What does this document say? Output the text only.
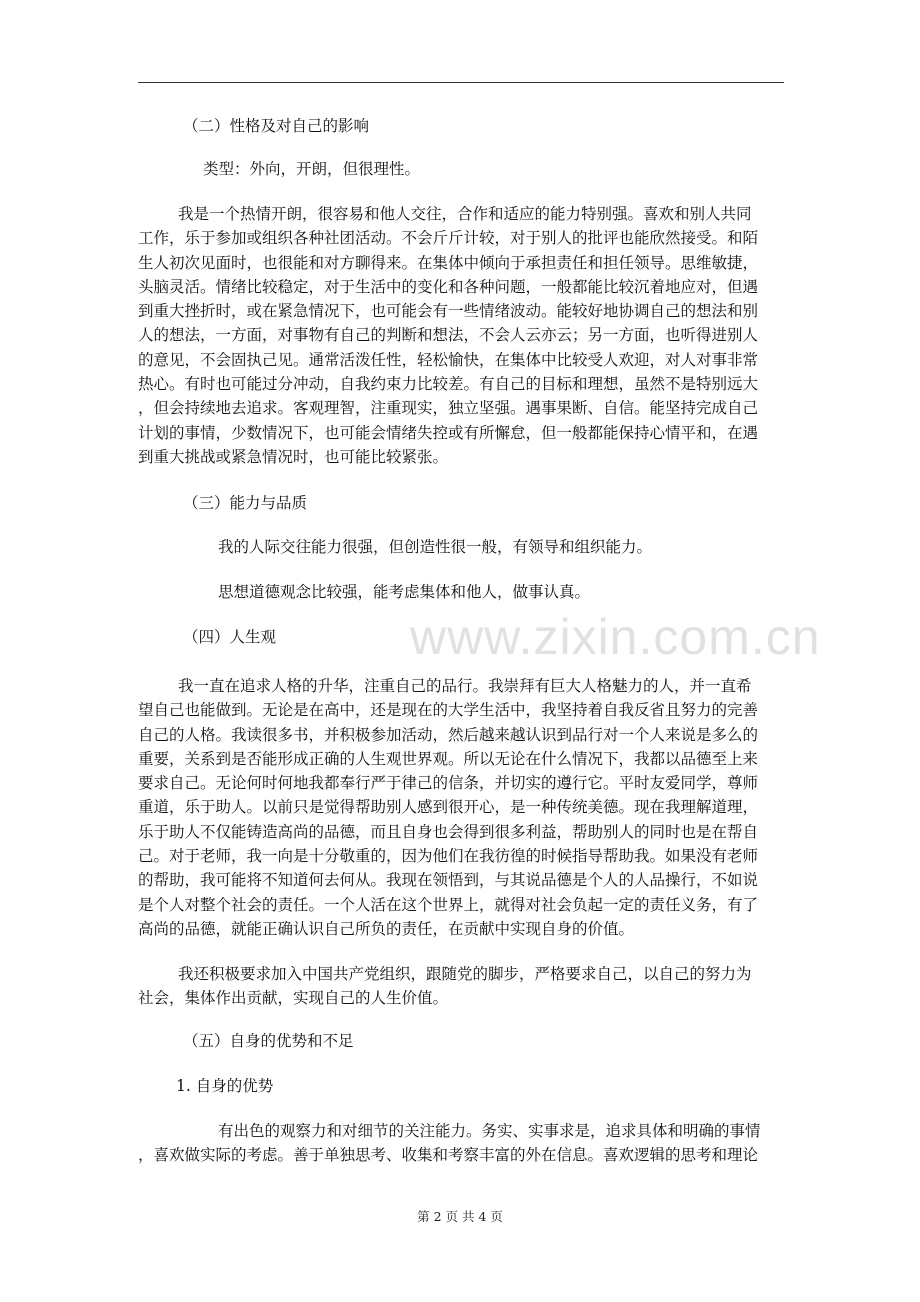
（二）性格及对自己的影响
类型：外向，开朗，但很理性。
我是一个热情开朗，很容易和他人交往，合作和适应的能力特别强。喜欢和别人共同
工作，乐于参加或组织各种社团活动。不会斤斤计较，对于别人的批评也能欣然接受。和陌
生人初次见面时，也很能和对方聊得来。在集体中倾向于承担责任和担任领导。思维敏捷，
头脑灵活。情绪比较稳定，对于生活中的变化和各种问题，一般都能比较沉着地应对，但遇
到重大挫折时，或在紧急情况下，也可能会有一些情绪波动。能较好地协调自己的想法和别
人的想法，一方面，对事物有自己的判断和想法，不会人云亦云；另一方面，也听得进别人
的意见，不会固执己见。通常活泼任性，轻松愉快，在集体中比较受人欢迎，对人对事非常
热心。有时也可能过分冲动，自我约束力比较差。有自己的目标和理想，虽然不是特别远大
，但会持续地去追求。客观理智，注重现实，独立坚强。遇事果断、自信。能坚持完成自己
计划的事情，少数情况下，也可能会情绪失控或有所懈怠，但一般都能保持心情平和，在遇
到重大挑战或紧急情况时，也可能比较紧张。
（三）能力与品质
我的人际交往能力很强，但创造性很一般，有领导和组织能力。
思想道德观念比较强，能考虑集体和他人，做事认真。
www.zixin.com.cn
（四）人生观
我一直在追求人格的升华，注重自己的品行。我崇拜有巨大人格魅力的人，并一直希
望自己也能做到。无论是在高中，还是现在的大学生活中，我坚持着自我反省且努力的完善
自己的人格。我读很多书，并积极参加活动，然后越来越认识到品行对一个人来说是多么的
重要，关系到是否能形成正确的人生观世界观。所以无论在什么情况下，我都以品德至上来
要求自己。无论何时何地我都奉行严于律己的信条，并切实的遵行它。平时友爱同学，尊师
重道，乐于助人。以前只是觉得帮助别人感到很开心，是一种传统美德。现在我理解道理，
乐于助人不仅能铸造高尚的品德，而且自身也会得到很多利益，帮助别人的同时也是在帮自
己。对于老师，我一向是十分敬重的，因为他们在我彷徨的时候指导帮助我。如果没有老师
的帮助，我可能将不知道何去何从。我现在领悟到，与其说品德是个人的人品操行，不如说
是个人对整个社会的责任。一个人活在这个世界上，就得对社会负起一定的责任义务，有了
高尚的品德，就能正确认识自己所负的责任，在贡献中实现自身的价值。
我还积极要求加入中国共产党组织，跟随党的脚步，严格要求自己，以自己的努力为
社会，集体作出贡献，实现自己的人生价值。
（五）自身的优势和不足
1. 自身的优势
有出色的观察力和对细节的关注能力。务实、实事求是，追求具体和明确的事情
，喜欢做实际的考虑。善于单独思考、收集和考察丰富的外在信息。喜欢逻辑的思考和理论
第 2 页 共 4 页
